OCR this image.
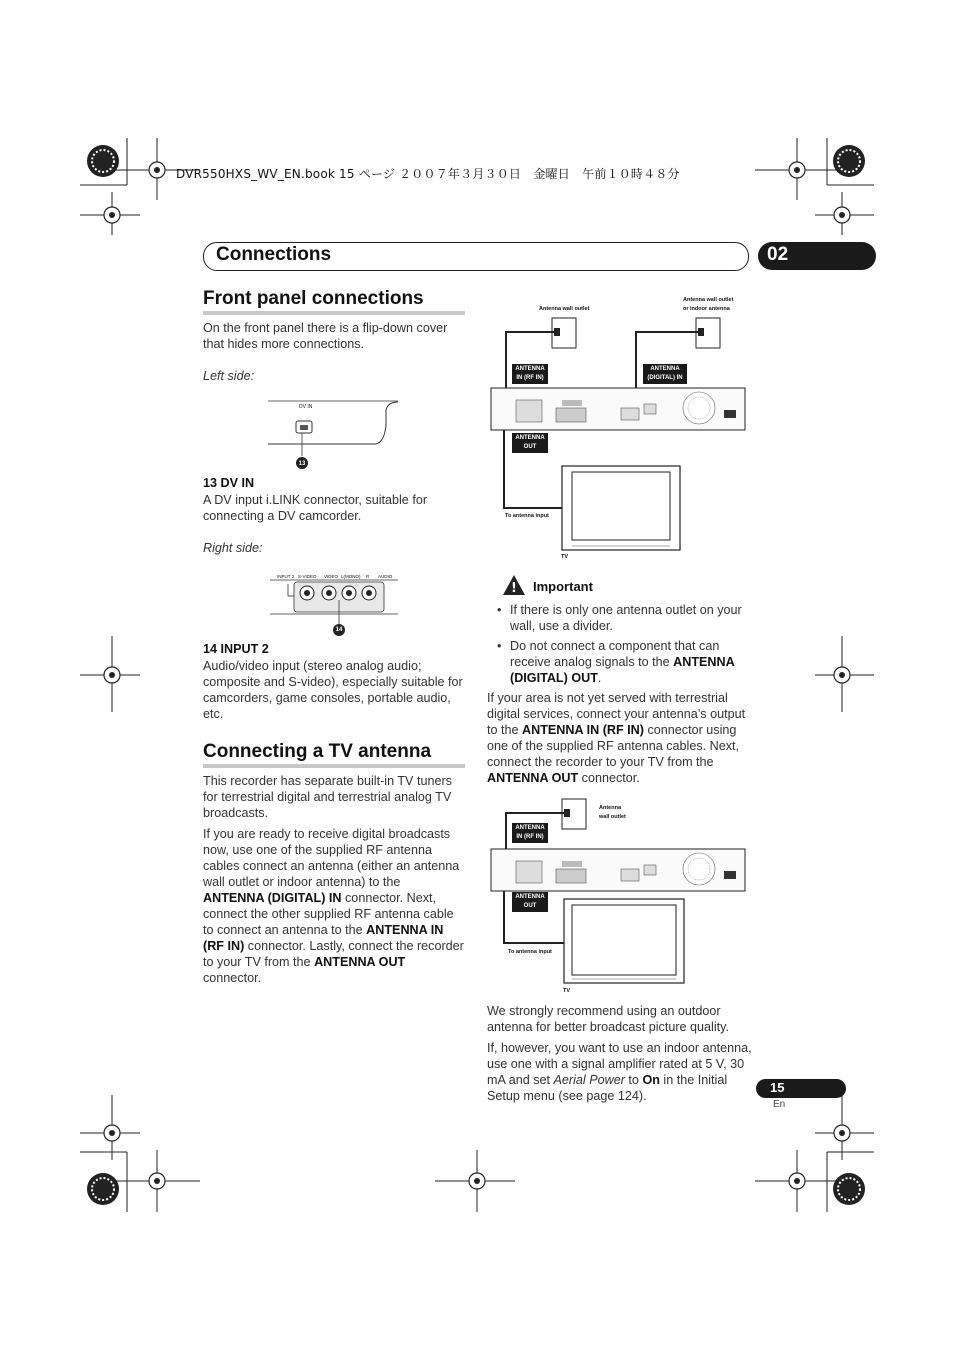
DVR550HXS_WV_EN.book 15 ページ ２００７年３月３０日　金曜日　午前１０時４８分
Connections	02
Front panel connections
On the front panel there is a flip-down cover that hides more connections.
Left side:
DV IN
13
13 DV IN
A DV input i.LINK connector, suitable for connecting a DV camcorder.
Right side:
INPUT 2 S-VIDEO VIDEO L(MONO) R AUDIO
14
14 INPUT 2
Audio/video input (stereo analog audio; composite and S-video), especially suitable for camcorders, game consoles, portable audio, etc.
Connecting a TV antenna
This recorder has separate built-in TV tuners for terrestrial digital and terrestrial analog TV broadcasts.
If you are ready to receive digital broadcasts now, use one of the supplied RF antenna cables connect an antenna (either an antenna wall outlet or indoor antenna) to the ANTENNA (DIGITAL) IN connector. Next, connect the other supplied RF antenna cable to connect an antenna to the ANTENNA IN (RF IN) connector. Lastly, connect the recorder to your TV from the ANTENNA OUT connector.
Antenna wall outlet
Antenna wall outlet
or indoor antenna
ANTENNA
IN (RF IN)
ANTENNA
(DIGITAL) IN
ANTENNA
OUT
To antenna input
TV
! Important
• If there is only one antenna outlet on your wall, use a divider.
• Do not connect a component that can receive analog signals to the ANTENNA (DIGITAL) OUT.
If your area is not yet served with terrestrial digital services, connect your antenna’s output to the ANTENNA IN (RF IN) connector using one of the supplied RF antenna cables. Next, connect the recorder to your TV from the ANTENNA OUT connector.
Antenna
wall outlet
ANTENNA
IN (RF IN)
ANTENNA
OUT
To antenna input
TV
We strongly recommend using an outdoor antenna for better broadcast picture quality.
If, however, you want to use an indoor antenna, use one with a signal amplifier rated at 5 V, 30 mA and set Aerial Power to On in the Initial Setup menu (see page 124).
15
En
